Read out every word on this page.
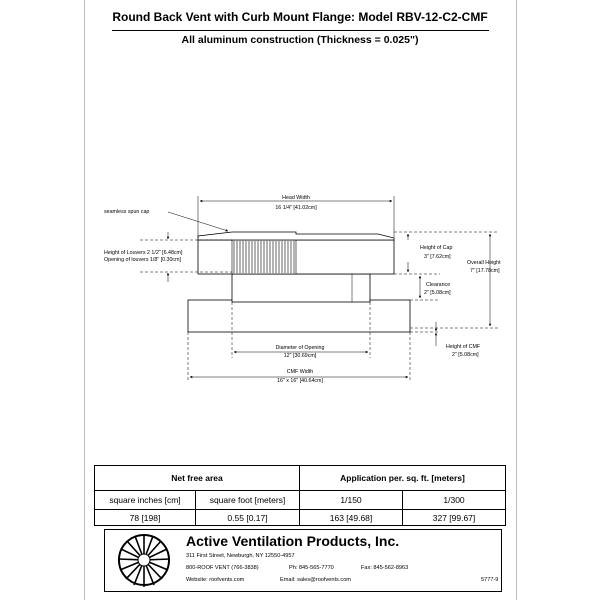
Round Back Vent with Curb Mount Flange: Model RBV-12-C2-CMF
All aluminum construction (Thickness = 0.025")
Head Width
16 1/4" [41.02cm]
seamless spun cap
Height of Louvers 2 1/2" [6.48cm]
Opening of louvers 1/8" [0.30cm]
Height of Cap
3" [7.62cm]
Overall Height
7" [17.78cm]
Clearance
2" [5.08cm]
Height of CMF
2" [5.08cm]
Diameter of Opening
12" [30.69cm]
CMF Width
16" x 16" [40.64cm]
Net free area		Application per. sq. ft. [meters]	
square inches [cm]	square foot [meters]	1/150	1/300
78 [198]	0.55 [0.17]	163 [49.68]	327 [99.67]
Active Ventilation Products, Inc.
311 First Street, Newburgh, NY 12550-4957
800-ROOF VENT (766-3838)	Ph: 845-565-7770	Fax: 845-562-8963
Website: roofvents.com	Email: sales@roofvents.com	5777-9
